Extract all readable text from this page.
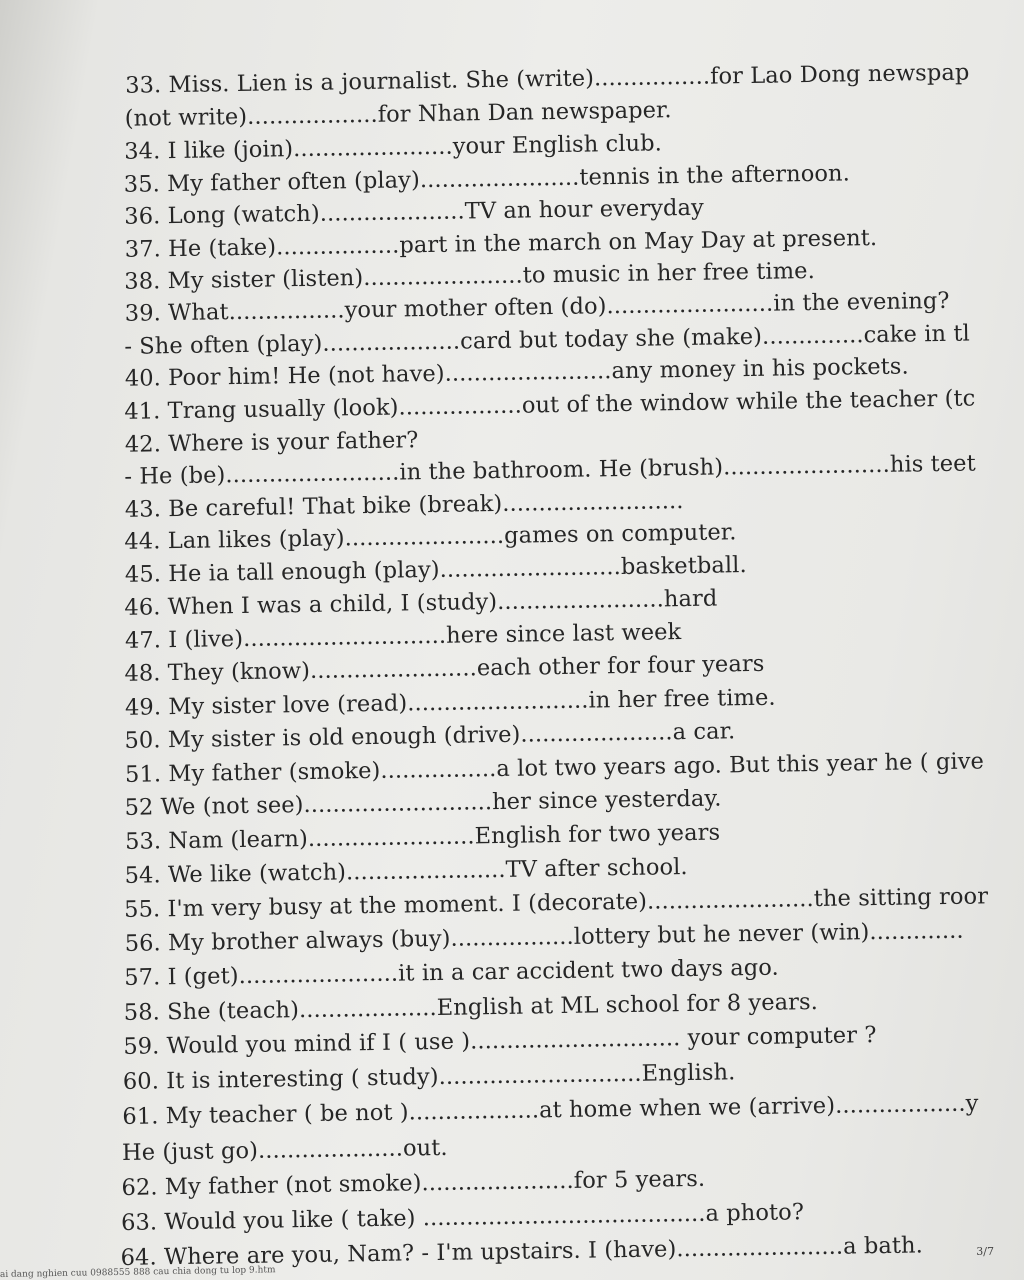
33. Miss. Lien is a journalist. She (write)................for Lao Dong newspap
(not write)..................for Nhan Dan newspaper.
34. I like (join)......................your English club.
35. My father often (play)......................tennis in the afternoon.
36. Long (watch)....................TV an hour everyday
37. He (take).................part in the march on May Day at present.
38. My sister (listen)......................to music in her free time.
39. What................your mother often (do).......................in the evening?
- She often (play)...................card but today she (make)..............cake in tl
40. Poor him! He (not have).......................any money in his pockets.
41. Trang usually (look).................out of the window while the teacher (tc
42. Where is your father?
- He (be)........................in the bathroom. He (brush).......................his teet
43. Be careful! That bike (break).........................
44. Lan likes (play)......................games on computer.
45. He ia tall enough (play).........................basketball.
46. When I was a child, I (study).......................hard
47. I (live)............................here since last week
48. They (know).......................each other for four years
49. My sister love (read).........................in her free time.
50. My sister is old enough (drive).....................a car.
51. My father (smoke)................a lot two years ago. But this year he ( give
52 We (not see)..........................her since yesterday.
53. Nam (learn).......................English for two years
54. We like (watch)......................TV after school.
55. I'm very busy at the moment. I (decorate).......................the sitting roor
56. My brother always (buy).................lottery but he never (win).............
57. I (get)......................it in a car accident two days ago.
58. She (teach)...................English at ML school for 8 years.
59. Would you mind if I ( use )............................. your computer ?
60. It is interesting ( study)............................English.
61. My teacher ( be not )..................at home when we (arrive)..................y
He (just go)....................out.
62. My father (not smoke).....................for 5 years.
63. Would you like ( take) .......................................a photo?
64. Where are you, Nam? - I'm upstairs. I (have).......................a bath.	3/7
ai dang nghien cuu 0988555 888 cau chia dong tu lop 9.htm
